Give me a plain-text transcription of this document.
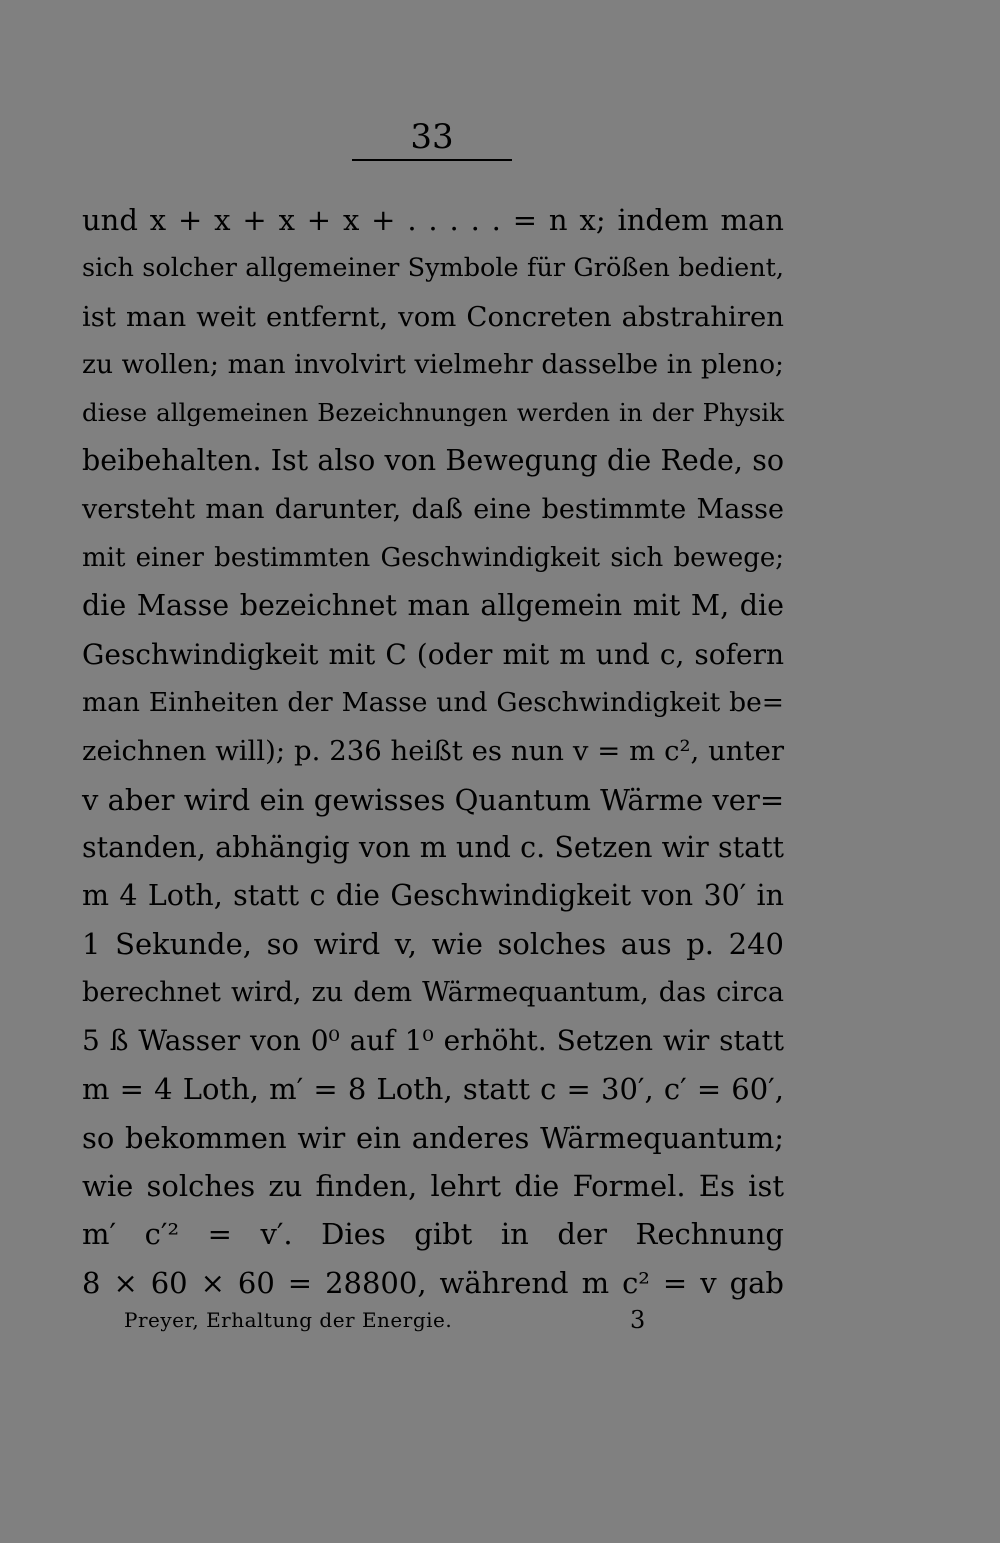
33
und x + x + x + x + . . . . . = n x; indem man
sich solcher allgemeiner Symbole für Größen bedient,
ist man weit entfernt, vom Concreten abstrahiren
zu wollen; man involvirt vielmehr dasselbe in pleno;
diese allgemeinen Bezeichnungen werden in der Physik
beibehalten. Ist also von Bewegung die Rede, so
versteht man darunter, daß eine bestimmte Masse
mit einer bestimmten Geschwindigkeit sich bewege;
die Masse bezeichnet man allgemein mit M, die
Geschwindigkeit mit C (oder mit m und c, sofern
man Einheiten der Masse und Geschwindigkeit be=
zeichnen will); p. 236 heißt es nun v = m c², unter
v aber wird ein gewisses Quantum Wärme ver=
standen, abhängig von m und c. Setzen wir statt
m 4 Loth, statt c die Geschwindigkeit von 30′ in
1 Sekunde, so wird v, wie solches aus p. 240
berechnet wird, zu dem Wärmequantum, das circa
5 ß Wasser von 0⁰ auf 1⁰ erhöht. Setzen wir statt
m = 4 Loth, m′ = 8 Loth, statt c = 30′, c′ = 60′,
so bekommen wir ein anderes Wärmequantum;
wie solches zu finden, lehrt die Formel. Es ist
m′ c′² = v′. Dies gibt in der Rechnung
8 × 60 × 60 = 28800, während m c² = v gab
Preyer, Erhaltung der Energie.	3
